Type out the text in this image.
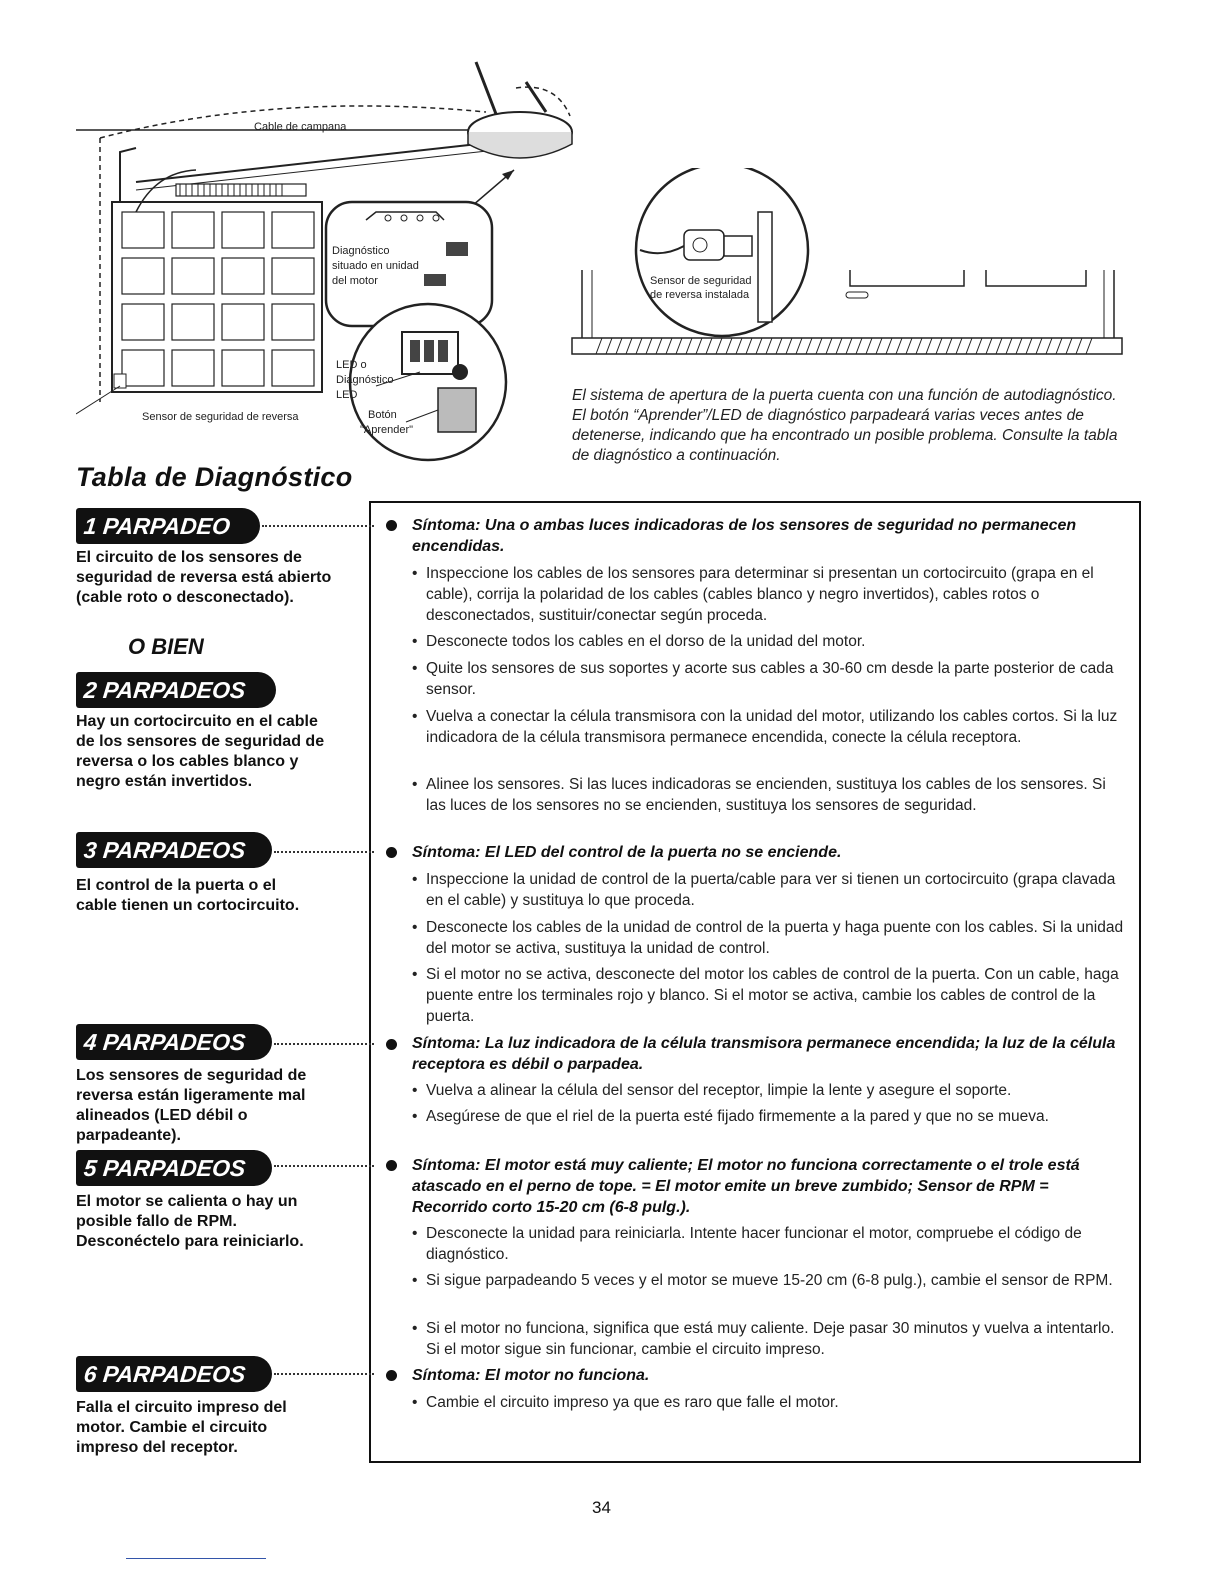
Cable de campana
Diagnóstico
situado en unidad
del motor
LED o
Diagnóstico
LED
Botón
"Aprender"
Sensor de seguridad de reversa
Sensor de seguridad
de reversa instalada
El sistema de apertura de la puerta cuenta con una función de autodiagnóstico. El botón “Aprender”/LED de diagnóstico parpadeará varias veces antes de detenerse, indicando que ha encontrado un posible problema. Consulte la tabla de diagnóstico a continuación.
Tabla de Diagnóstico
1 PARPADEO
El circuito de los sensores de seguridad de reversa está abierto (cable roto o desconectado).
O BIEN
2 PARPADEOS
Hay un cortocircuito en el cable de los sensores de seguridad de reversa o los cables blanco y negro están invertidos.
3 PARPADEOS
El control de la puerta o el cable tienen un cortocircuito.
4 PARPADEOS
Los sensores de seguridad de reversa están ligeramente mal alineados (LED débil o parpadeante).
5 PARPADEOS
El motor se calienta o hay un posible fallo de RPM. Desconéctelo para reiniciarlo.
6 PARPADEOS
Falla el circuito impreso del motor. Cambie el circuito impreso del receptor.
Síntoma: Una o ambas luces indicadoras de los sensores de seguridad no permanecen encendidas.
• Inspeccione los cables de los sensores para determinar si presentan un cortocircuito (grapa en el cable), corrija la polaridad de los cables (cables blanco y negro invertidos), cables rotos o desconectados, sustituir/conectar según proceda.
• Desconecte todos los cables en el dorso de la unidad del motor.
• Quite los sensores de sus soportes y acorte sus cables a 30-60 cm desde la parte posterior de cada sensor.
• Vuelva a conectar la célula transmisora con la unidad del motor, utilizando los cables cortos. Si la luz indicadora de la célula transmisora permanece encendida, conecte la célula receptora.
• Alinee los sensores. Si las luces indicadoras se encienden, sustituya los cables de los sensores. Si las luces de los sensores no se encienden, sustituya los sensores de seguridad.
Síntoma: El LED del control de la puerta no se enciende.
• Inspeccione la unidad de control de la puerta/cable para ver si tienen un cortocircuito (grapa clavada en el cable) y sustituya lo que proceda.
• Desconecte los cables de la unidad de control de la puerta y haga puente con los cables. Si la unidad del motor se activa, sustituya la unidad de control.
• Si el motor no se activa, desconecte del motor los cables de control de la puerta. Con un cable, haga puente entre los terminales rojo y blanco. Si el motor se activa, cambie los cables de control de la puerta.
Síntoma: La luz indicadora de la célula transmisora permanece encendida; la luz de la célula receptora es débil o parpadea.
• Vuelva a alinear la célula del sensor del receptor, limpie la lente y asegure el soporte.
• Asegúrese de que el riel de la puerta esté fijado firmemente a la pared y que no se mueva.
Síntoma: El motor está muy caliente; El motor no funciona correctamente o el trole está atascado en el perno de tope. = El motor emite un breve zumbido; Sensor de RPM = Recorrido corto 15-20 cm (6-8 pulg.).
• Desconecte la unidad para reiniciarla. Intente hacer funcionar el motor, compruebe el código de diagnóstico.
• Si sigue parpadeando 5 veces y el motor se mueve 15-20 cm (6-8 pulg.), cambie el sensor de RPM.
• Si el motor no funciona, significa que está muy caliente. Deje pasar 30 minutos y vuelva a intentarlo. Si el motor sigue sin funcionar, cambie el circuito impreso.
Síntoma: El motor no funciona.
• Cambie el circuito impreso ya que es raro que falle el motor.
34
